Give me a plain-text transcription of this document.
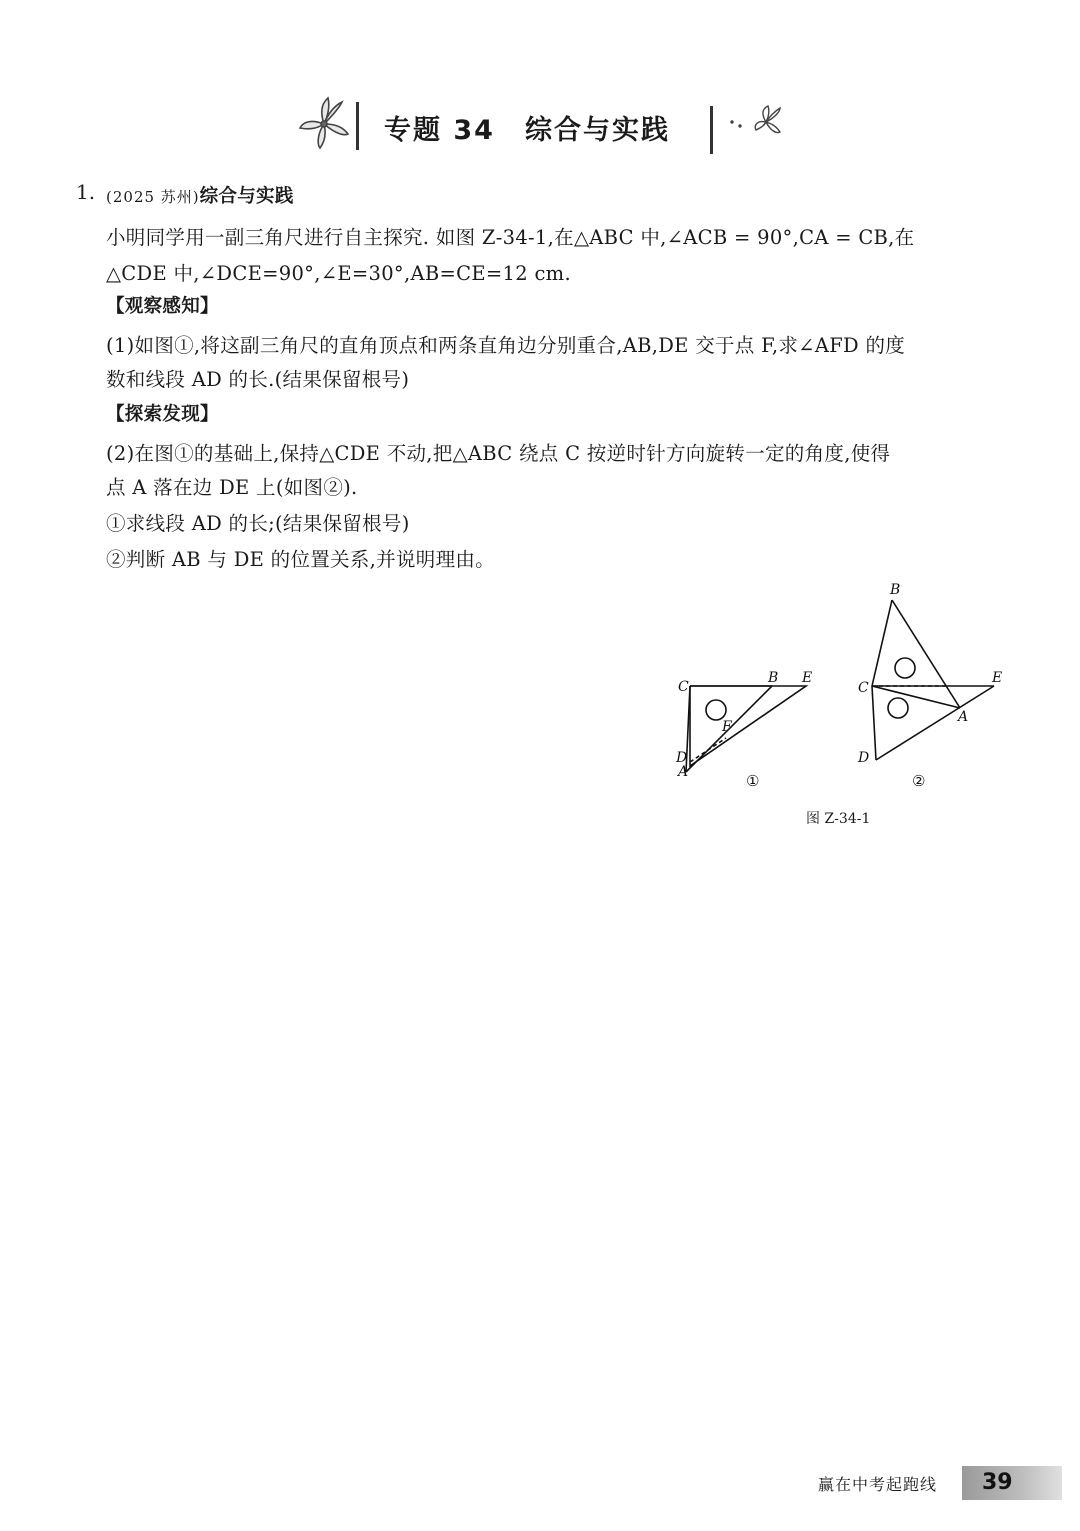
专题 34 综合与实践
1. (2025 苏州)综合与实践
小明同学用一副三角尺进行自主探究. 如图 Z-34-1,在△ABC 中,∠ACB = 90°,CA = CB,在
△CDE 中,∠DCE=90°,∠E=30°,AB=CE=12 cm.
【观察感知】
(1)如图①,将这副三角尺的直角顶点和两条直角边分别重合,AB,DE 交于点 F,求∠AFD 的度
数和线段 AD 的长.(结果保留根号)
【探索发现】
(2)在图①的基础上,保持△CDE 不动,把△ABC 绕点 C 按逆时针方向旋转一定的角度,使得
点 A 落在边 DE 上(如图②).
①求线段 AD 的长;(结果保留根号)
②判断 AB 与 DE 的位置关系,并说明理由。
C
B E
F
D
A	①
B
C
E
A
D
②
图 Z-34-1
赢在中考起跑线 39
